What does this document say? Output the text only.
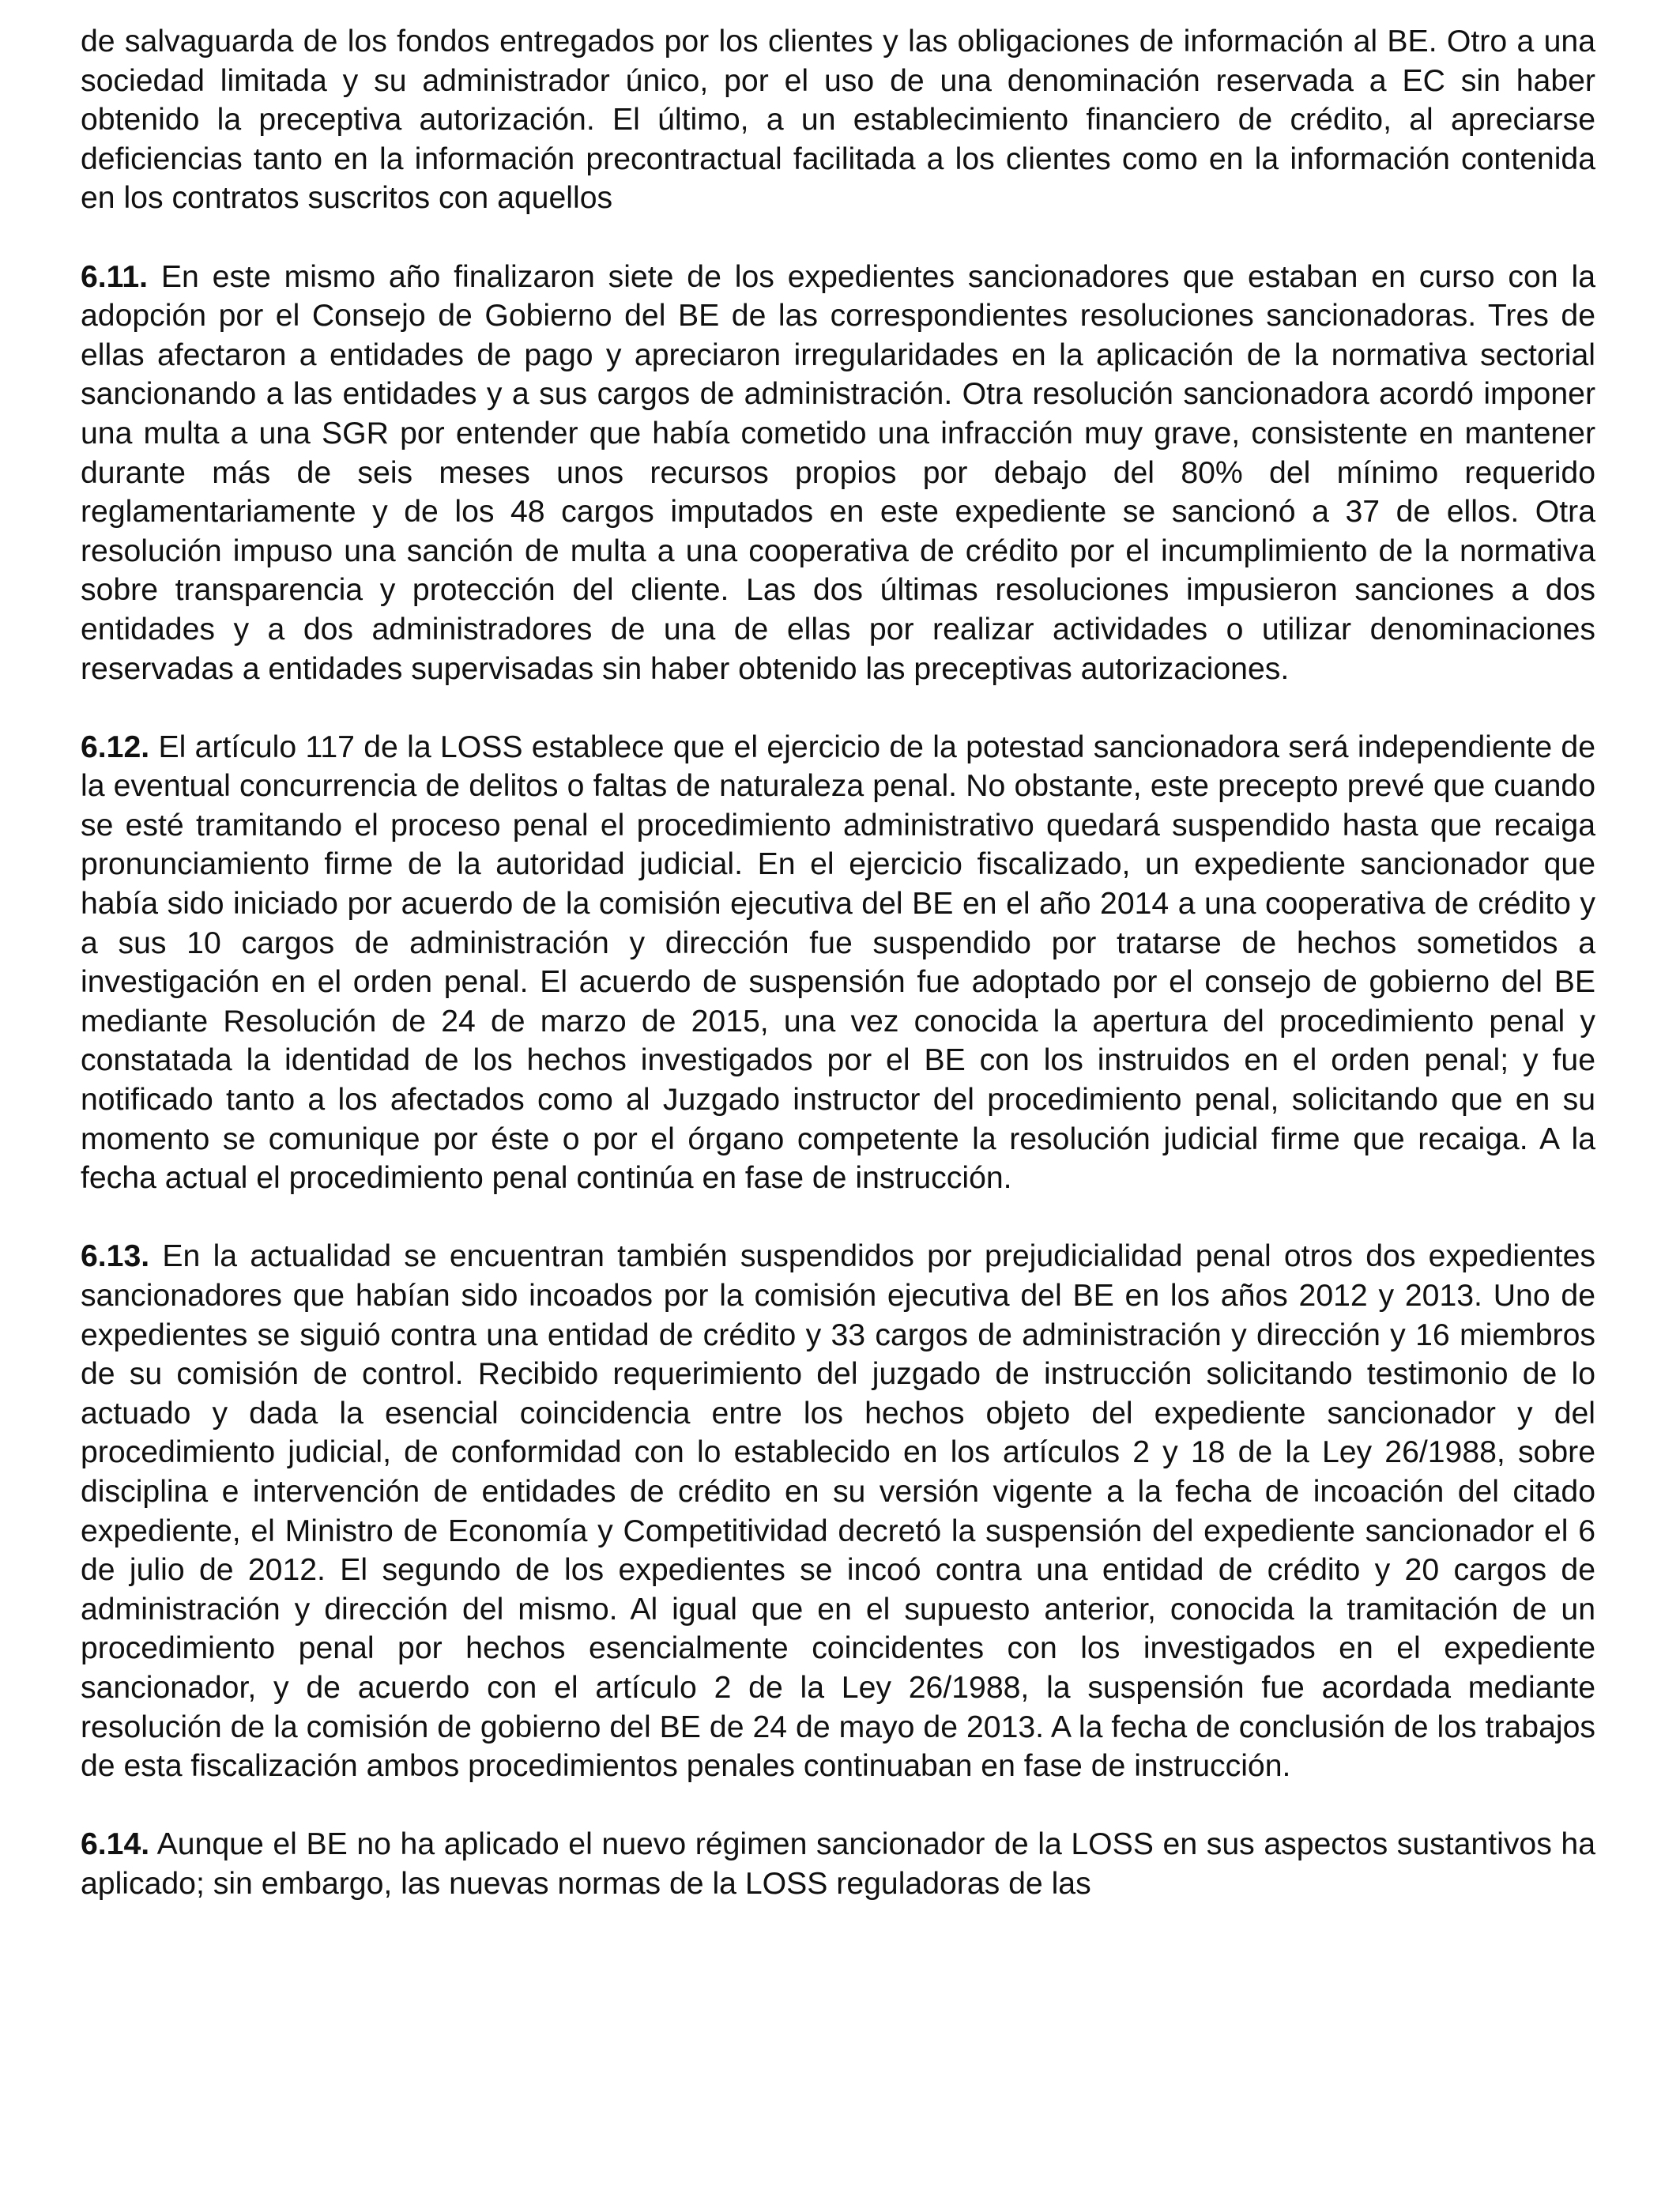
de salvaguarda de los fondos entregados por los clientes y las obligaciones de información al BE. Otro a una sociedad limitada y su administrador único, por el uso de una denominación reservada a EC sin haber obtenido la preceptiva autorización. El último, a un establecimiento financiero de crédito, al apreciarse deficiencias tanto en la información precontractual facilitada a los clientes como en la información contenida en los contratos suscritos con aquellos

6.11. En este mismo año finalizaron siete de los expedientes sancionadores que estaban en curso con la adopción por el Consejo de Gobierno del BE de las correspondientes resoluciones sancionadoras. Tres de ellas afectaron a entidades de pago y apreciaron irregularidades en la aplicación de la normativa sectorial sancionando a las entidades y a sus cargos de administración. Otra resolución sancionadora acordó imponer una multa a una SGR por entender que había cometido una infracción muy grave, consistente en mantener durante más de seis meses unos recursos propios por debajo del 80% del mínimo requerido reglamentariamente y de los 48 cargos imputados en este expediente se sancionó a 37 de ellos. Otra resolución impuso una sanción de multa a una cooperativa de crédito por el incumplimiento de la normativa sobre transparencia y protección del cliente. Las dos últimas resoluciones impusieron sanciones a dos entidades y a dos administradores de una de ellas por realizar actividades o utilizar denominaciones reservadas a entidades supervisadas sin haber obtenido las preceptivas autorizaciones.

6.12. El artículo 117 de la LOSS establece que el ejercicio de la potestad sancionadora será independiente de la eventual concurrencia de delitos o faltas de naturaleza penal. No obstante, este precepto prevé que cuando se esté tramitando el proceso penal el procedimiento administrativo quedará suspendido hasta que recaiga pronunciamiento firme de la autoridad judicial. En el ejercicio fiscalizado, un expediente sancionador que había sido iniciado por acuerdo de la comisión ejecutiva del BE en el año 2014 a una cooperativa de crédito y a sus 10 cargos de administración y dirección fue suspendido por tratarse de hechos sometidos a investigación en el orden penal. El acuerdo de suspensión fue adoptado por el consejo de gobierno del BE mediante Resolución de 24 de marzo de 2015, una vez conocida la apertura del procedimiento penal y constatada la identidad de los hechos investigados por el BE con los instruidos en el orden penal; y fue notificado tanto a los afectados como al Juzgado instructor del procedimiento penal, solicitando que en su momento se comunique por éste o por el órgano competente la resolución judicial firme que recaiga. A la fecha actual el procedimiento penal continúa en fase de instrucción.

6.13. En la actualidad se encuentran también suspendidos por prejudicialidad penal otros dos expedientes sancionadores que habían sido incoados por la comisión ejecutiva del BE en los años 2012 y 2013. Uno de expedientes se siguió contra una entidad de crédito y 33 cargos de administración y dirección y 16 miembros de su comisión de control. Recibido requerimiento del juzgado de instrucción solicitando testimonio de lo actuado y dada la esencial coincidencia entre los hechos objeto del expediente sancionador y del procedimiento judicial, de conformidad con lo establecido en los artículos 2 y 18 de la Ley 26/1988, sobre disciplina e intervención de entidades de crédito en su versión vigente a la fecha de incoación del citado expediente, el Ministro de Economía y Competitividad decretó la suspensión del expediente sancionador el 6 de julio de 2012. El segundo de los expedientes se incoó contra una entidad de crédito y 20 cargos de administración y dirección del mismo. Al igual que en el supuesto anterior, conocida la tramitación de un procedimiento penal por hechos esencialmente coincidentes con los investigados en el expediente sancionador, y de acuerdo con el artículo 2 de la Ley 26/1988, la suspensión fue acordada mediante resolución de la comisión de gobierno del BE de 24 de mayo de 2013. A la fecha de conclusión de los trabajos de esta fiscalización ambos procedimientos penales continuaban en fase de instrucción.

6.14. Aunque el BE no ha aplicado el nuevo régimen sancionador de la LOSS en sus aspectos sustantivos ha aplicado; sin embargo, las nuevas normas de la LOSS reguladoras de las
